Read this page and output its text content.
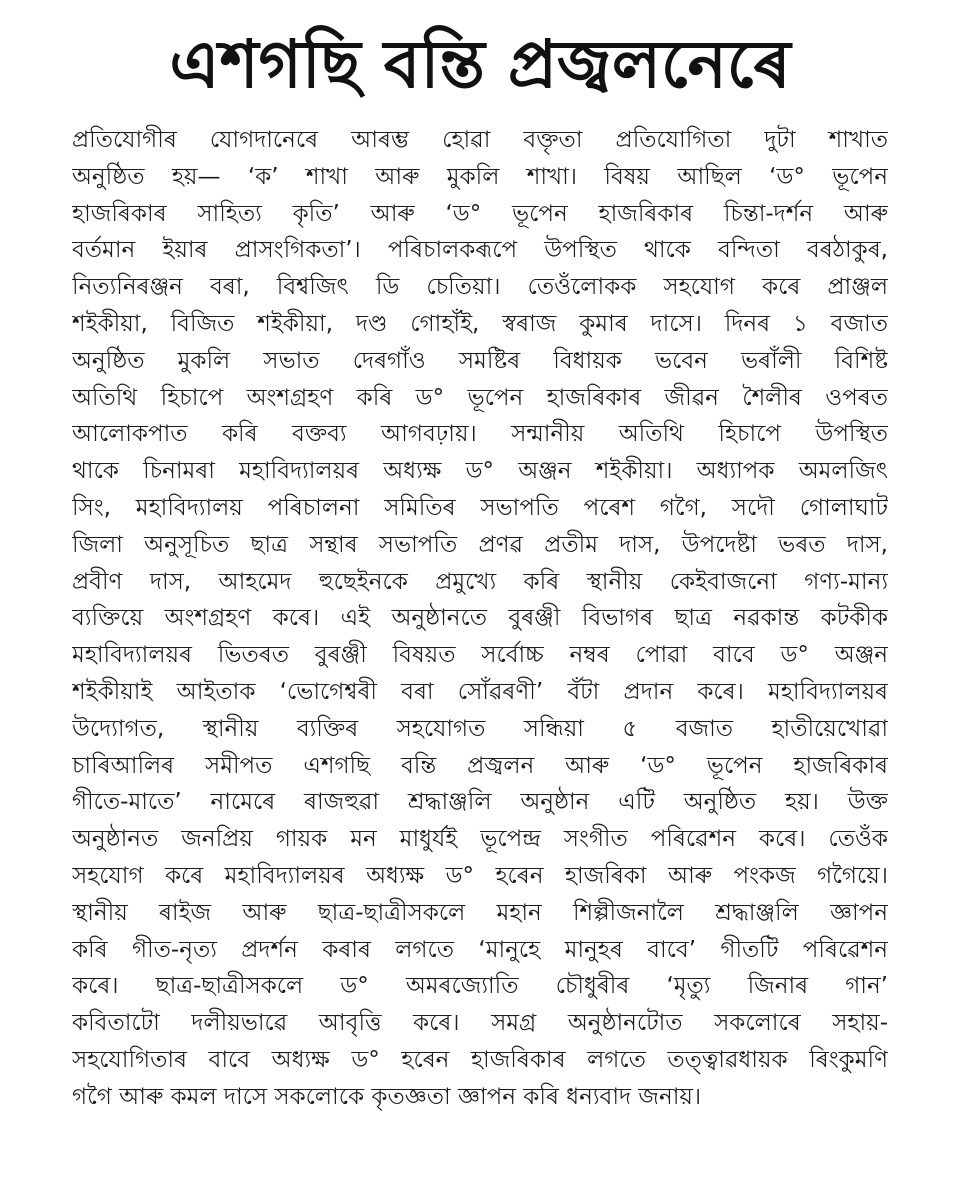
এশগছি বন্তি প্ৰজ্বলনেৰে
প্ৰতিযোগীৰ যোগদানেৰে আৰম্ভ হোৱা বক্তৃতা প্ৰতিযোগিতা দুটা শাখাত
অনুষ্ঠিত হয়— ‘ক’ শাখা আৰু মুকলি শাখা। বিষয় আছিল ‘ড° ভূপেন
হাজৰিকাৰ সাহিত্য কৃতি’ আৰু ‘ড° ভূপেন হাজৰিকাৰ চিন্তা-দৰ্শন আৰু
বৰ্তমান ইয়াৰ প্ৰাসংগিকতা’। পৰিচালকৰূপে উপস্থিত থাকে বন্দিতা বৰঠাকুৰ,
নিত্যনিৰঞ্জন বৰা, বিশ্বজিৎ ডি চেতিয়া। তেওঁলোকক সহযোগ কৰে প্ৰাঞ্জল
শইকীয়া, বিজিত শইকীয়া, দণ্ড গোহাঁই, স্বৰাজ কুমাৰ দাসে। দিনৰ ১ বজাত
অনুষ্ঠিত মুকলি সভাত দেৰগাঁও সমষ্টিৰ বিধায়ক ভবেন ভৰাঁলী বিশিষ্ট
অতিথি হিচাপে অংশগ্ৰহণ কৰি ড° ভূপেন হাজৰিকাৰ জীৱন শৈলীৰ ওপৰত
আলোকপাত কৰি বক্তব্য আগবঢ়ায়। সন্মানীয় অতিথি হিচাপে উপস্থিত
থাকে চিনামৰা মহাবিদ্যালয়ৰ অধ্যক্ষ ড° অঞ্জন শইকীয়া। অধ্যাপক অমলজিৎ
সিং, মহাবিদ্যালয় পৰিচালনা সমিতিৰ সভাপতি পৰেশ গগৈ, সদৌ গোলাঘাট
জিলা অনুসূচিত ছাত্ৰ সন্থাৰ সভাপতি প্ৰণৱ প্ৰতীম দাস, উপদেষ্টা ভৰত দাস,
প্ৰবীণ দাস, আহমেদ হুছেইনকে প্ৰমুখ্যে কৰি স্থানীয় কেইবাজনো গণ্য-মান্য
ব্যক্তিয়ে অংশগ্ৰহণ কৰে। এই অনুষ্ঠানতে বুৰঞ্জী বিভাগৰ ছাত্ৰ নৱকান্ত কটকীক
মহাবিদ্যালয়ৰ ভিতৰত বুৰঞ্জী বিষয়ত সৰ্বোচ্চ নম্বৰ পোৱা বাবে ড° অঞ্জন
শইকীয়াই আইতাক ‘ভোগেশ্বৰী বৰা সোঁৱৰণী’ বঁটা প্ৰদান কৰে। মহাবিদ্যালয়ৰ
উদ্যোগত, স্থানীয় ব্যক্তিৰ সহযোগত সন্ধিয়া ৫ বজাত হাতীয়েখোৱা
চাৰিআলিৰ সমীপত এশগছি বন্তি প্ৰজ্বলন আৰু ‘ড° ভূপেন হাজৰিকাৰ
গীতে-মাতে’ নামেৰে ৰাজহুৱা শ্ৰদ্ধাঞ্জলি অনুষ্ঠান এটি অনুষ্ঠিত হয়। উক্ত
অনুষ্ঠানত জনপ্ৰিয় গায়ক মন মাধুৰ্যই ভূপেন্দ্ৰ সংগীত পৰিৱেশন কৰে। তেওঁক
সহযোগ কৰে মহাবিদ্যালয়ৰ অধ্যক্ষ ড° হৰেন হাজৰিকা আৰু পংকজ গগৈয়ে।
স্থানীয় ৰাইজ আৰু ছাত্ৰ-ছাত্ৰীসকলে মহান শিল্পীজনালৈ শ্ৰদ্ধাঞ্জলি জ্ঞাপন
কৰি গীত-নৃত্য প্ৰদৰ্শন কৰাৰ লগতে ‘মানুহে মানুহৰ বাবে’ গীতটি পৰিৱেশন
কৰে। ছাত্ৰ-ছাত্ৰীসকলে ড° অমৰজ্যোতি চৌধুৰীৰ ‘মৃত্যু জিনাৰ গান’
কবিতাটো দলীয়ভাৱে আবৃত্তি কৰে। সমগ্ৰ অনুষ্ঠানটোত সকলোৰে সহায়-
সহযোগিতাৰ বাবে অধ্যক্ষ ড° হৰেন হাজৰিকাৰ লগতে তত্ত্বাৱধায়ক ৰিংকুমণি
গগৈ আৰু কমল দাসে সকলোকে কৃতজ্ঞতা জ্ঞাপন কৰি ধন্যবাদ জনায়।
